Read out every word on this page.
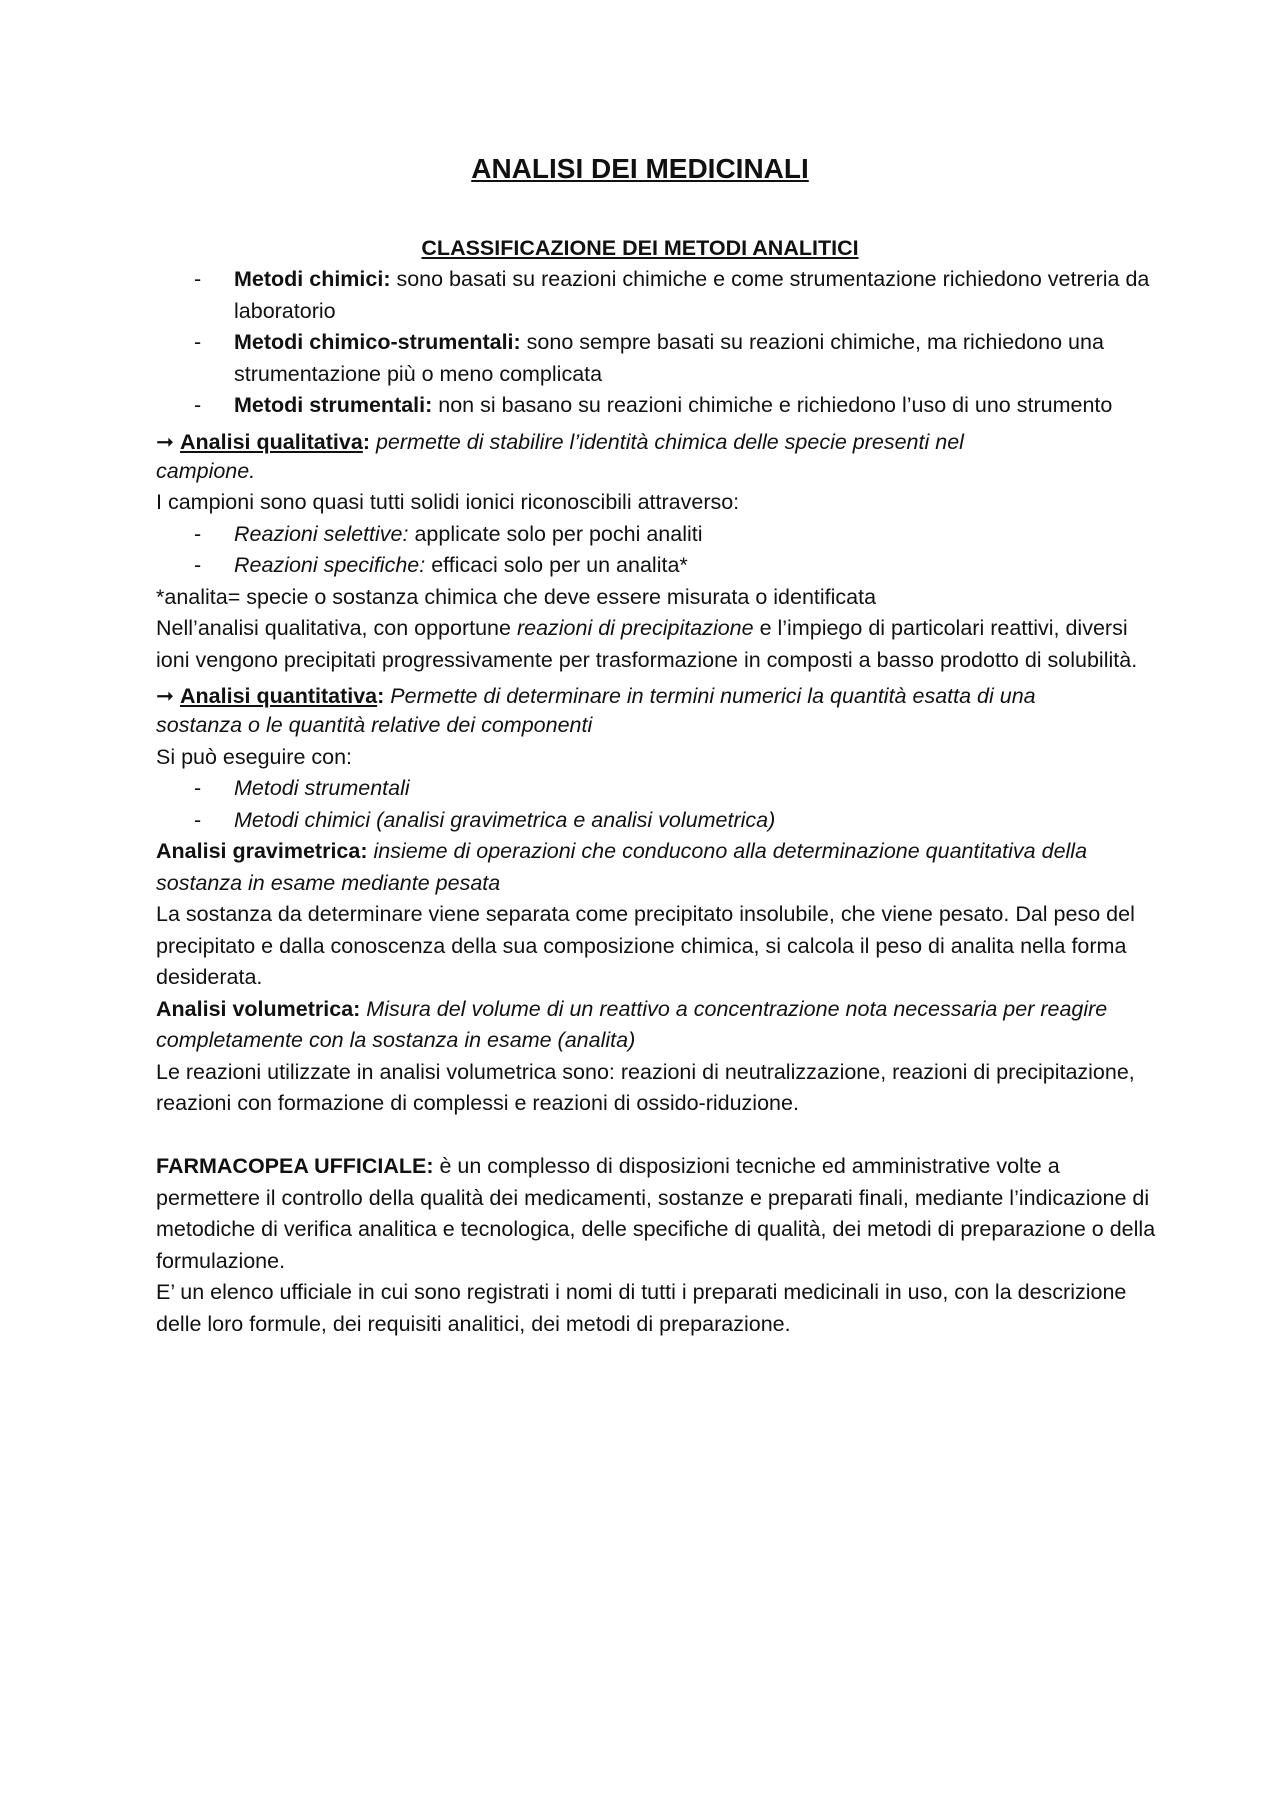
ANALISI DEI MEDICINALI
CLASSIFICAZIONE DEI METODI ANALITICI
- Metodi chimici: sono basati su reazioni chimiche e come strumentazione richiedono vetreria da laboratorio
- Metodi chimico-strumentali: sono sempre basati su reazioni chimiche, ma richiedono una strumentazione più o meno complicata
- Metodi strumentali: non si basano su reazioni chimiche e richiedono l’uso di uno strumento

➞ Analisi qualitativa: permette di stabilire l’identità chimica delle specie presenti nel

campione.

I campioni sono quasi tutti solidi ionici riconoscibili attraverso:

- Reazioni selettive: applicate solo per pochi analiti
- Reazioni specifiche: efficaci solo per un analita*

*analita= specie o sostanza chimica che deve essere misurata o identificata

Nell’analisi qualitativa, con opportune reazioni di precipitazione e l’impiego di particolari reattivi, diversi ioni vengono precipitati progressivamente per trasformazione in composti a basso prodotto di solubilità.

➞ Analisi quantitativa: Permette di determinare in termini numerici la quantità esatta di una

sostanza o le quantità relative dei componenti

Si può eseguire con:

- Metodi strumentali
- Metodi chimici (analisi gravimetrica e analisi volumetrica)

Analisi gravimetrica: insieme di operazioni che conducono alla determinazione quantitativa della sostanza in esame mediante pesata

La sostanza da determinare viene separata come precipitato insolubile, che viene pesato. Dal peso del precipitato e dalla conoscenza della sua composizione chimica, si calcola il peso di analita nella forma desiderata.

Analisi volumetrica: Misura del volume di un reattivo a concentrazione nota necessaria per reagire completamente con la sostanza in esame (analita)

Le reazioni utilizzate in analisi volumetrica sono: reazioni di neutralizzazione, reazioni di precipitazione, reazioni con formazione di complessi e reazioni di ossido-riduzione.

FARMACOPEA UFFICIALE: è un complesso di disposizioni tecniche ed amministrative volte a permettere il controllo della qualità dei medicamenti, sostanze e preparati finali, mediante l’indicazione di metodiche di verifica analitica e tecnologica, delle specifiche di qualità, dei metodi di preparazione o della formulazione.

E’ un elenco ufficiale in cui sono registrati i nomi di tutti i preparati medicinali in uso, con la descrizione delle loro formule, dei requisiti analitici, dei metodi di preparazione.
